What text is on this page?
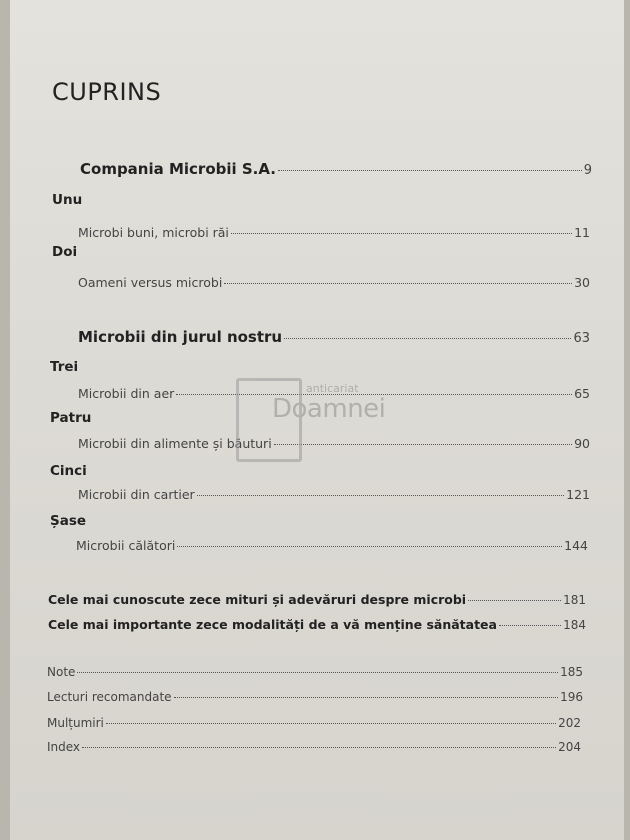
CUPRINS
Compania Microbii S.A.	9
Unu
Microbi buni, microbi răi	11
Doi
Oameni versus microbi	30
Microbii din jurul nostru	63
Trei
Microbii din aer	65
Patru
Microbii din alimente și băuturi	90
Cinci
Microbii din cartier	121
Șase
Microbii călători	144
Cele mai cunoscute zece mituri și adevăruri despre microbi	181
Cele mai importante zece modalități de a vă menține sănătatea	184
Note	185
Lecturi recomandate	196
Mulțumiri	202
Index	204
anticariat
Doamnei
